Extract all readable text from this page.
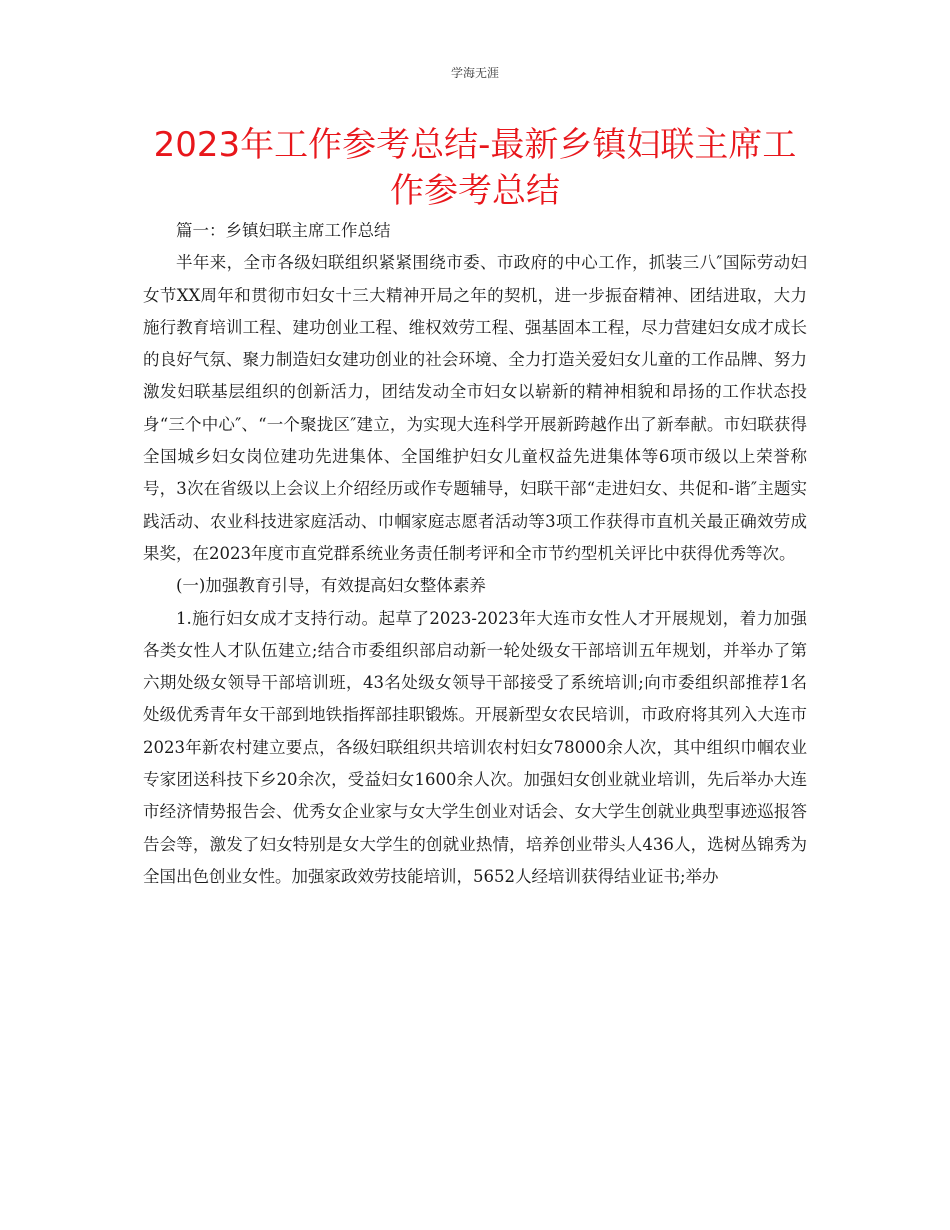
学海无涯
2023年工作参考总结-最新乡镇妇联主席工作参考总结

篇一：乡镇妇联主席工作总结

半年来，全市各级妇联组织紧紧围绕市委、市政府的中心工作，抓装三八″国际劳动妇女节XX周年和贯彻市妇女十三大精神开局之年的契机，进一步振奋精神、团结进取，大力施行教育培训工程、建功创业工程、维权效劳工程、强基固本工程，尽力营建妇女成才成长的良好气氛、聚力制造妇女建功创业的社会环境、全力打造关爱妇女儿童的工作品牌、努力激发妇联基层组织的创新活力，团结发动全市妇女以崭新的精神相貌和昂扬的工作状态投身“三个中心″、“一个聚拢区″建立，为实现大连科学开展新跨越作出了新奉献。市妇联获得全国城乡妇女岗位建功先进集体、全国维护妇女儿童权益先进集体等6项市级以上荣誉称号，3次在省级以上会议上介绍经历或作专题辅导，妇联干部“走进妇女、共促和-谐″主题实践活动、农业科技进家庭活动、巾帼家庭志愿者活动等3项工作获得市直机关最正确效劳成果奖，在2023年度市直党群系统业务责任制考评和全市节约型机关评比中获得优秀等次。

(一)加强教育引导，有效提高妇女整体素养

1.施行妇女成才支持行动。起草了2023-2023年大连市女性人才开展规划，着力加强各类女性人才队伍建立;结合市委组织部启动新一轮处级女干部培训五年规划，并举办了第六期处级女领导干部培训班，43名处级女领导干部接受了系统培训;向市委组织部推荐1名处级优秀青年女干部到地铁指挥部挂职锻炼。开展新型女农民培训，市政府将其列入大连市2023年新农村建立要点，各级妇联组织共培训农村妇女78000余人次，其中组织巾帼农业专家团送科技下乡20余次，受益妇女1600余人次。加强妇女创业就业培训，先后举办大连市经济情势报告会、优秀女企业家与女大学生创业对话会、女大学生创就业典型事迹巡报答告会等，激发了妇女特别是女大学生的创就业热情，培养创业带头人436人，选树丛锦秀为全国出色创业女性。加强家政效劳技能培训，5652人经培训获得结业证书;举办
